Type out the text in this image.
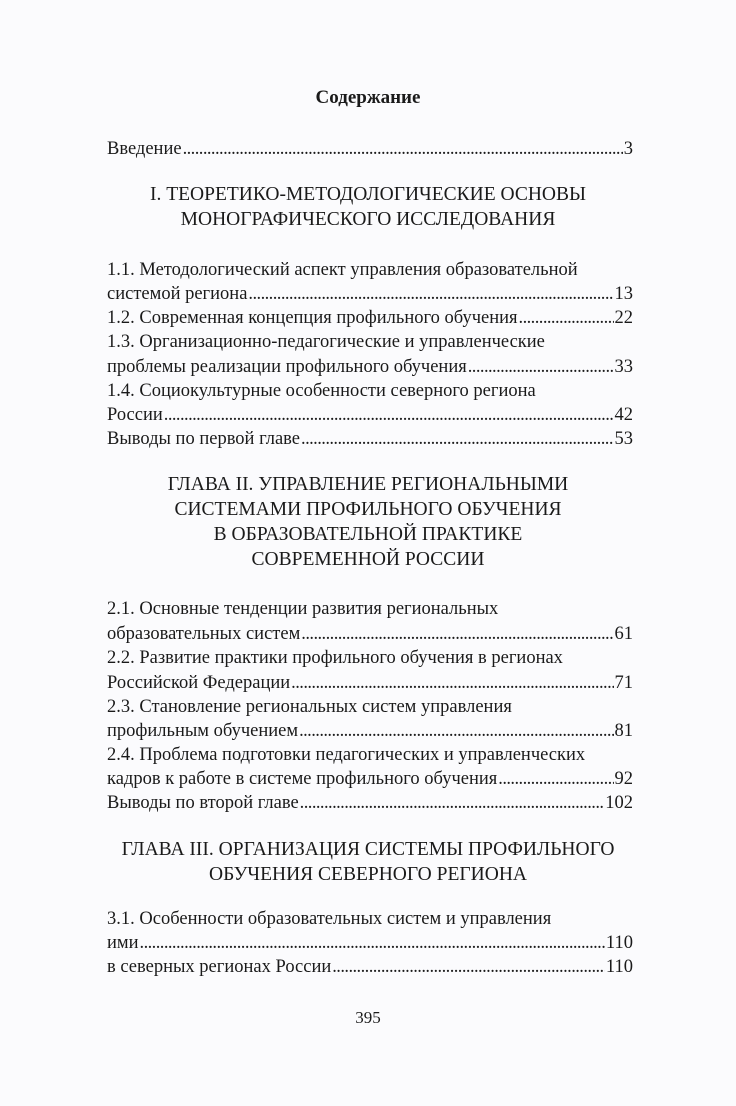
Содержание
Введение . . .	3
I. ТЕОРЕТИКО-МЕТОДОЛОГИЧЕСКИЕ ОСНОВЫ
МОНОГРАФИЧЕСКОГО ИССЛЕДОВАНИЯ
1.1. Методологический аспект управления образовательной
системой региона . . .	13
1.2. Современная концепция профильного обучения . . .	22
1.3. Организационно-педагогические и управленческие
проблемы реализации профильного обучения . . .	33
1.4. Социокультурные особенности северного региона
России . . .	42
Выводы по первой главе . . .	53
ГЛАВА II. УПРАВЛЕНИЕ РЕГИОНАЛЬНЫМИ
СИСТЕМАМИ ПРОФИЛЬНОГО ОБУЧЕНИЯ
В ОБРАЗОВАТЕЛЬНОЙ ПРАКТИКЕ
СОВРЕМЕННОЙ РОССИИ
2.1. Основные тенденции развития региональных
образовательных систем . . .	61
2.2. Развитие практики профильного обучения в регионах
Российской Федерации . . .	71
2.3. Становление региональных систем управления
профильным обучением . . .	81
2.4. Проблема подготовки педагогических и управленческих
кадров к работе в системе профильного обучения . . .	92
Выводы по второй главе . . .	102
ГЛАВА III. ОРГАНИЗАЦИЯ СИСТЕМЫ ПРОФИЛЬНОГО
ОБУЧЕНИЯ СЕВЕРНОГО РЕГИОНА
3.1. Особенности образовательных систем и управления
ими . . .	110
в северных регионах России . . .	110
395
